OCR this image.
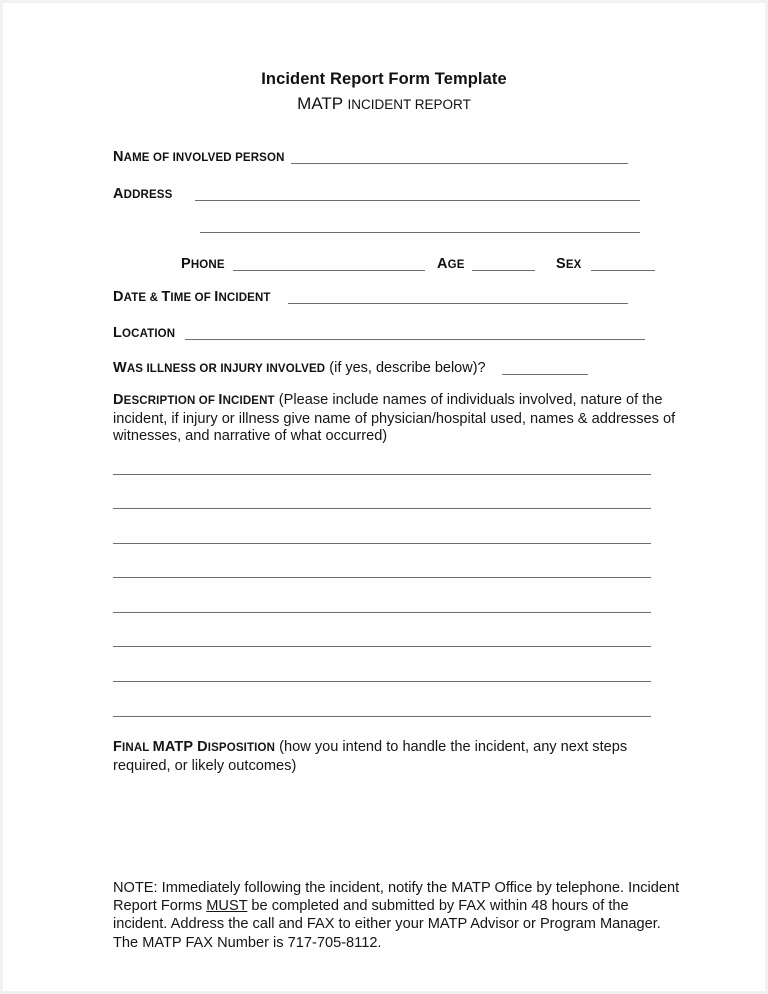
Incident Report Form Template
MATP INCIDENT REPORT
NAME OF INVOLVED PERSON
ADDRESS
PHONE	AGE	SEX
DATE & TIME OF INCIDENT
LOCATION
WAS ILLNESS OR INJURY INVOLVED (if yes, describe below)?
DESCRIPTION OF INCIDENT (Please include names of individuals involved, nature of the incident, if injury or illness give name of physician/hospital used, names & addresses of witnesses, and narrative of what occurred)
FINAL MATP DISPOSITION (how you intend to handle the incident, any next steps required, or likely outcomes)
NOTE: Immediately following the incident, notify the MATP Office by telephone. Incident Report Forms MUST be completed and submitted by FAX within 48 hours of the incident. Address the call and FAX to either your MATP Advisor or Program Manager. The MATP FAX Number is 717-705-8112.
